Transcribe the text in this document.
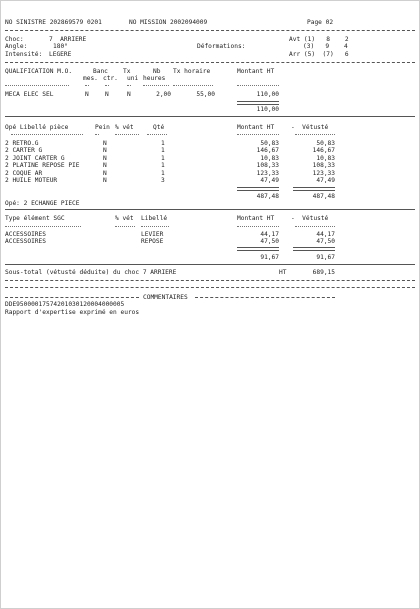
NO SINISTRE 202869579 0201	NO MISSION 2002094009	Page 02
Choc:	7  ARRIERE	Avt (1)   8    2
Angle:	180°	Déformations:	(3)   9    4
Intensité: LEGERE	Arr (5)  (7)   6
QUALIFICATION M.O.	Banc Tx	Nb Tx horaire	Montant HT
mes. ctr. uni heures
MECA ELEC SEL	N	N	N	2,00	55,00	110,00
110,00
Opé Libellé pièce	Pein % vét	Qté	Montant HT	-  Vétusté
2 RETRO.G	N	1	50,83	50,83
2 CARTER G	N	1	146,67	146,67
2 JOINT CARTER G	N	1	10,83	10,83
2 PLATINE REPOSE PIE	N	1	108,33	108,33
2 COQUE AR	N	1	123,33	123,33
2 HUILE MOTEUR	N	3	47,49	47,49
487,48	487,48
Opé: 2 ECHANGE PIECE
Type élément SGC	% vét Libellé	Montant HT	-  Vétusté
ACCESSOIRES	LEVIER	44,17	44,17
ACCESSOIRES	REPOSE	47,50	47,50
91,67	91,67
Sous-total (vétusté déduite) du choc 7 ARRIERE	HT	689,15
COMMENTAIRES
DDE95000017574201030120004000005
Rapport d'expertise exprimé en euros
